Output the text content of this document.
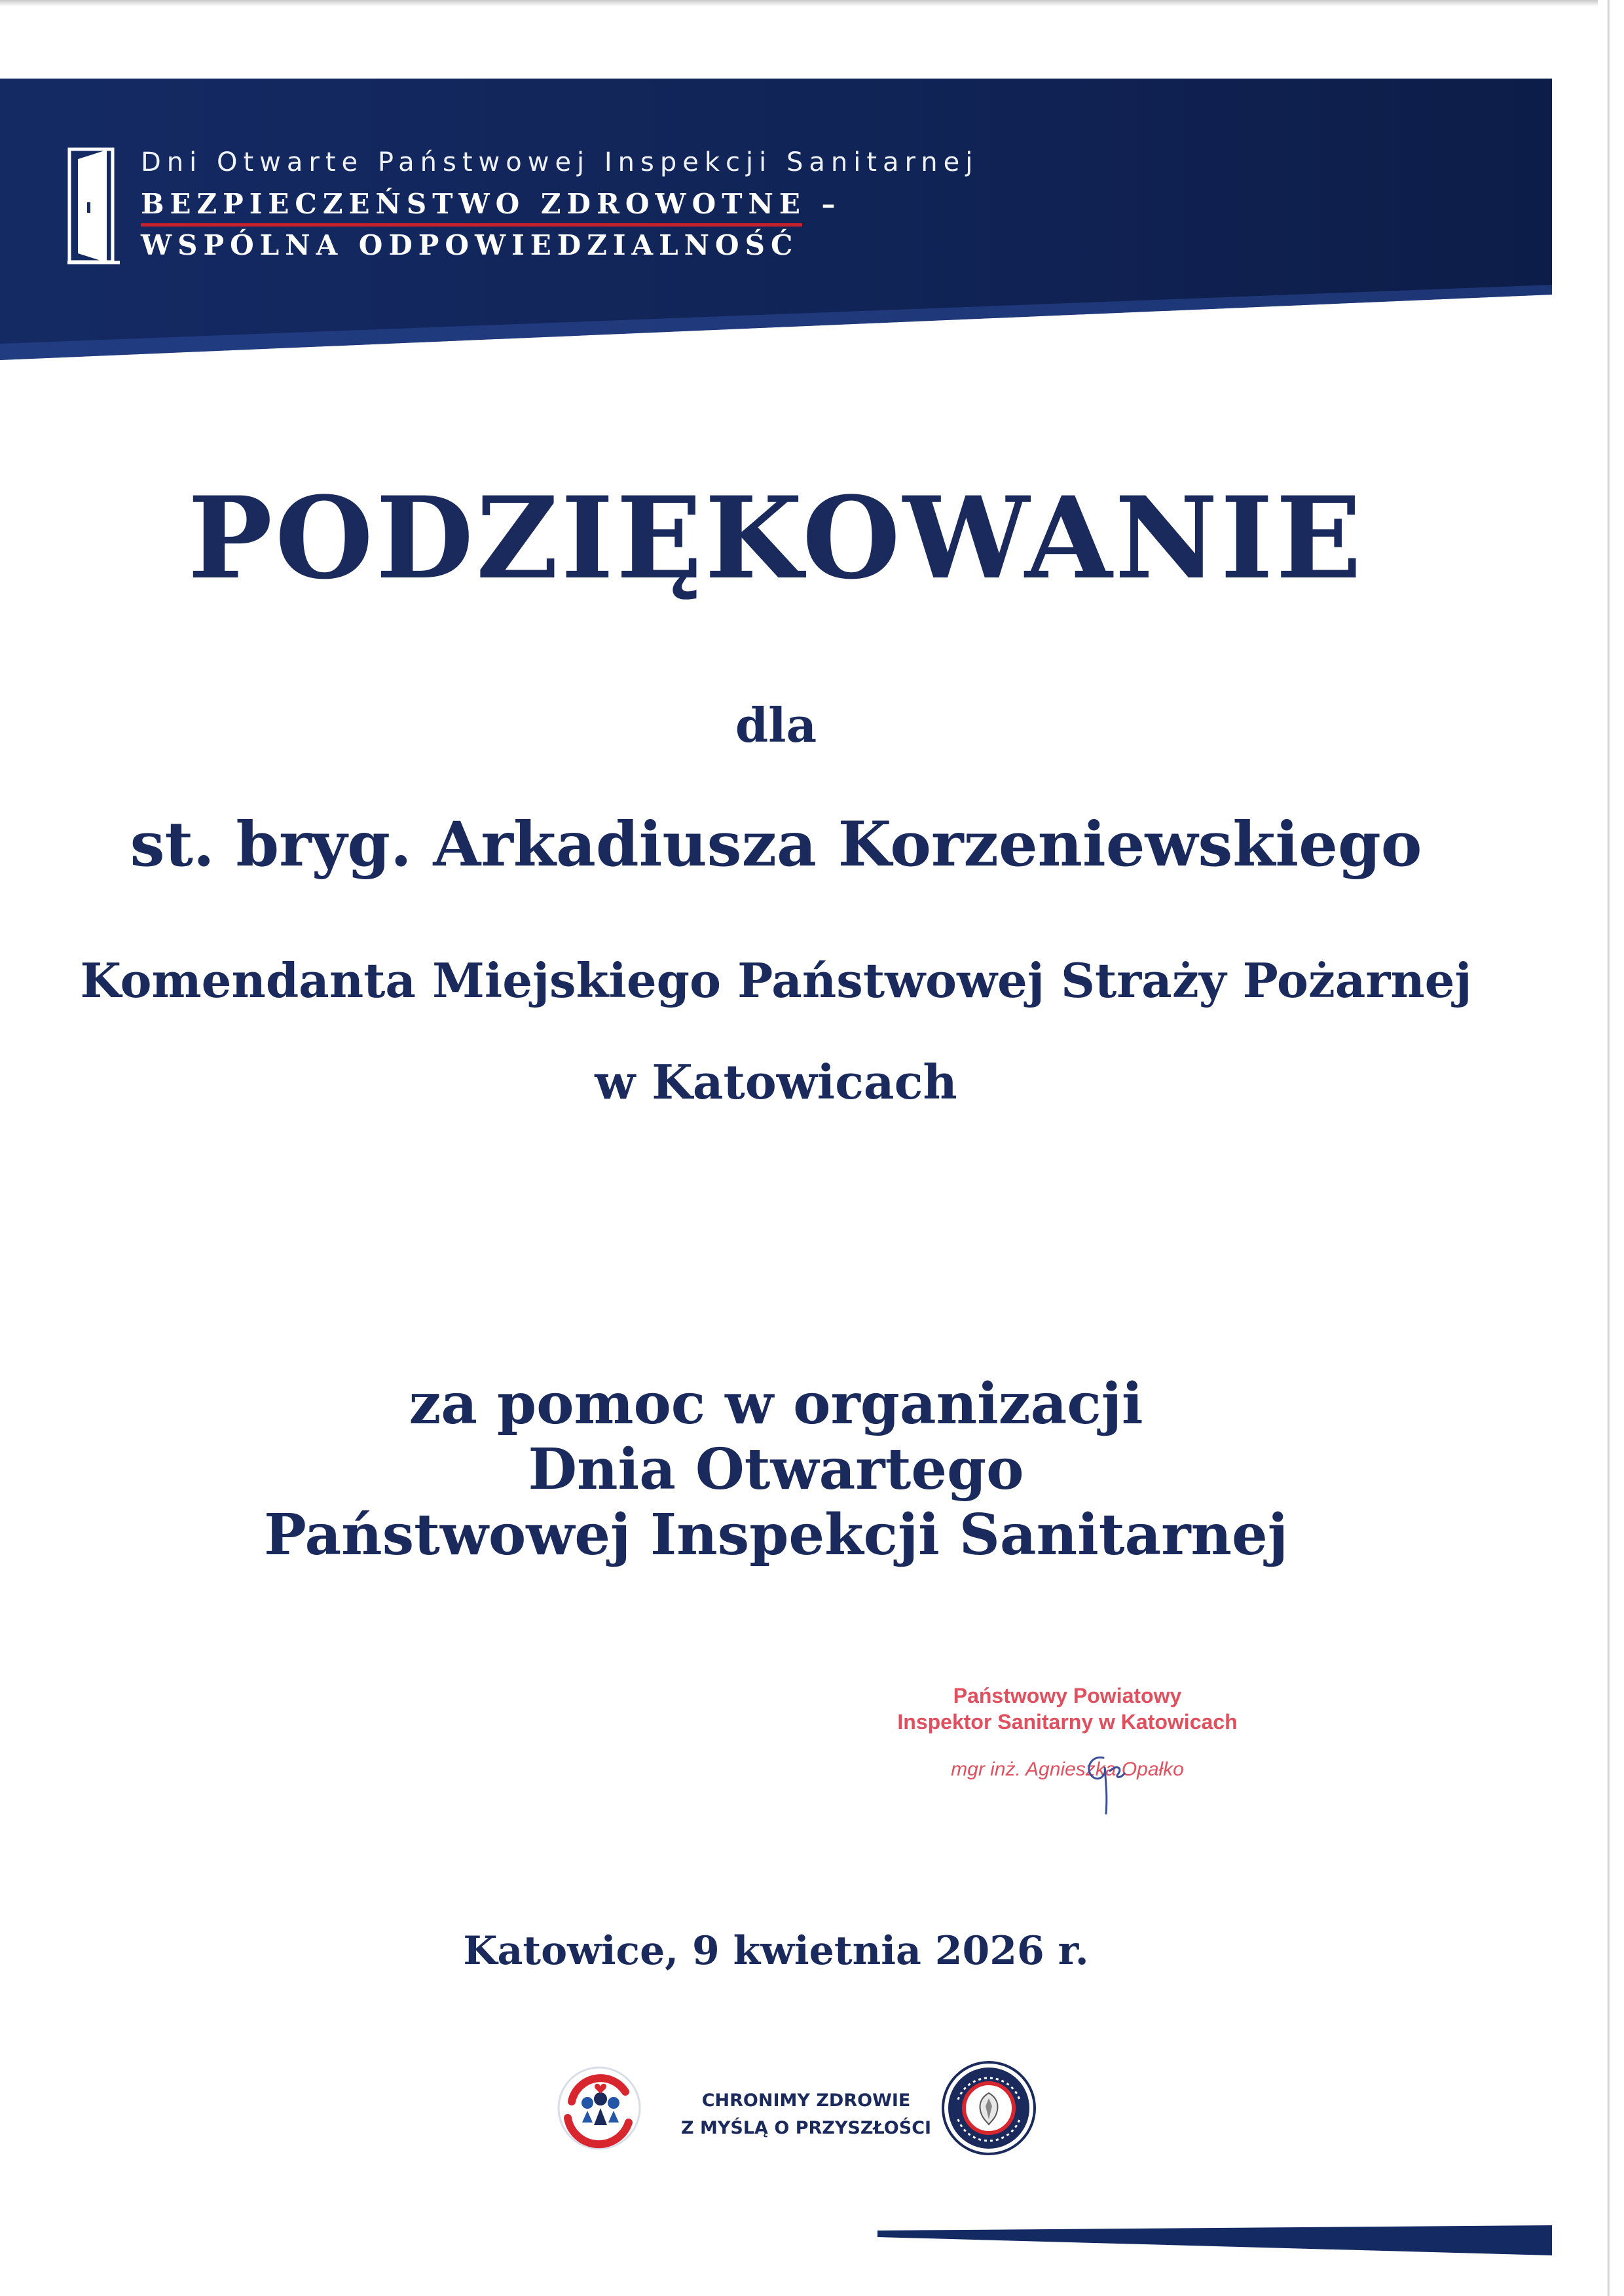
Dni Otwarte Państwowej Inspekcji Sanitarnej
BEZPIECZEŃSTWO ZDROWOTNE –
WSPÓLNA ODPOWIEDZIALNOŚĆ
PODZIĘKOWANIE
dla
st. bryg. Arkadiusza Korzeniewskiego
Komendanta Miejskiego Państwowej Straży Pożarnej
w Katowicach
za pomoc w organizacji
Dnia Otwartego
Państwowej Inspekcji Sanitarnej
Państwowy Powiatowy
Inspektor Sanitarny w Katowicach
mgr inż. Agnieszka Opałko
Katowice, 9 kwietnia 2026 r.
CHRONIMY ZDROWIE
Z MYŚLĄ O PRZYSZŁOŚCI
